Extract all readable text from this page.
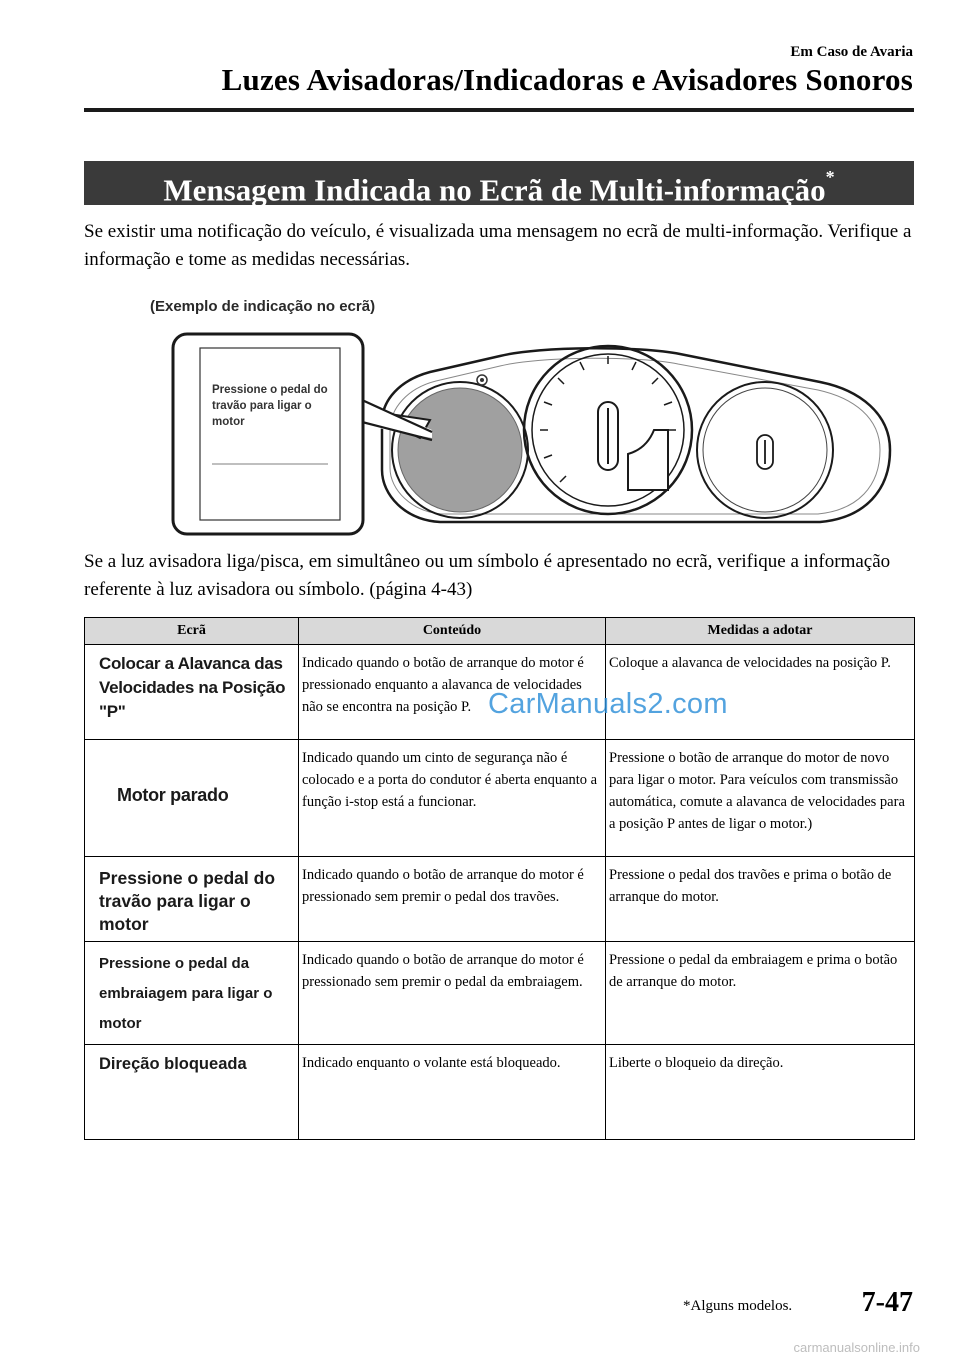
Em Caso de Avaria
Luzes Avisadoras/Indicadoras e Avisadores Sonoros
Mensagem Indicada no Ecrã de Multi-informação*

Se existir uma notificação do veículo, é visualizada uma mensagem no ecrã de multi-informação. Verifique a informação e tome as medidas necessárias.

(Exemplo de indicação no ecrã)
Pressione o pedal do travão para ligar o motor

Se a luz avisadora liga/pisca, em simultâneo ou um símbolo é apresentado no ecrã, verifique a informação referente à luz avisadora ou símbolo. (página 4-43)

Ecrã	Conteúdo	Medidas a adotar

Colocar a Alavanca das Velocidades na Posição "P"	Indicado quando o botão de arranque do motor é pressionado enquanto a alavanca de velocidades não se encontra na posição P.	Coloque a alavanca de velocidades na posição P.

Motor parado	Indicado quando um cinto de segurança não é colocado e a porta do condutor é aberta enquanto a função i-stop está a funcionar.	Pressione o botão de arranque do motor de novo para ligar o motor. Para veículos com transmissão automática, comute a alavanca de velocidades para a posição P antes de ligar o motor.)

Pressione o pedal do travão para ligar o motor	Indicado quando o botão de arranque do motor é pressionado sem premir o pedal dos travões.	Pressione o pedal dos travões e prima o botão de arranque do motor.

Pressione o pedal da embraiagem para ligar o motor	Indicado quando o botão de arranque do motor é pressionado sem premir o pedal da embraiagem.	Pressione o pedal da embraiagem e prima o botão de arranque do motor.

Direção bloqueada	Indicado enquanto o volante está bloqueado.	Liberte o bloqueio da direção.
CarManuals2.com
*Alguns modelos. 7-47
carmanualsonline.info
